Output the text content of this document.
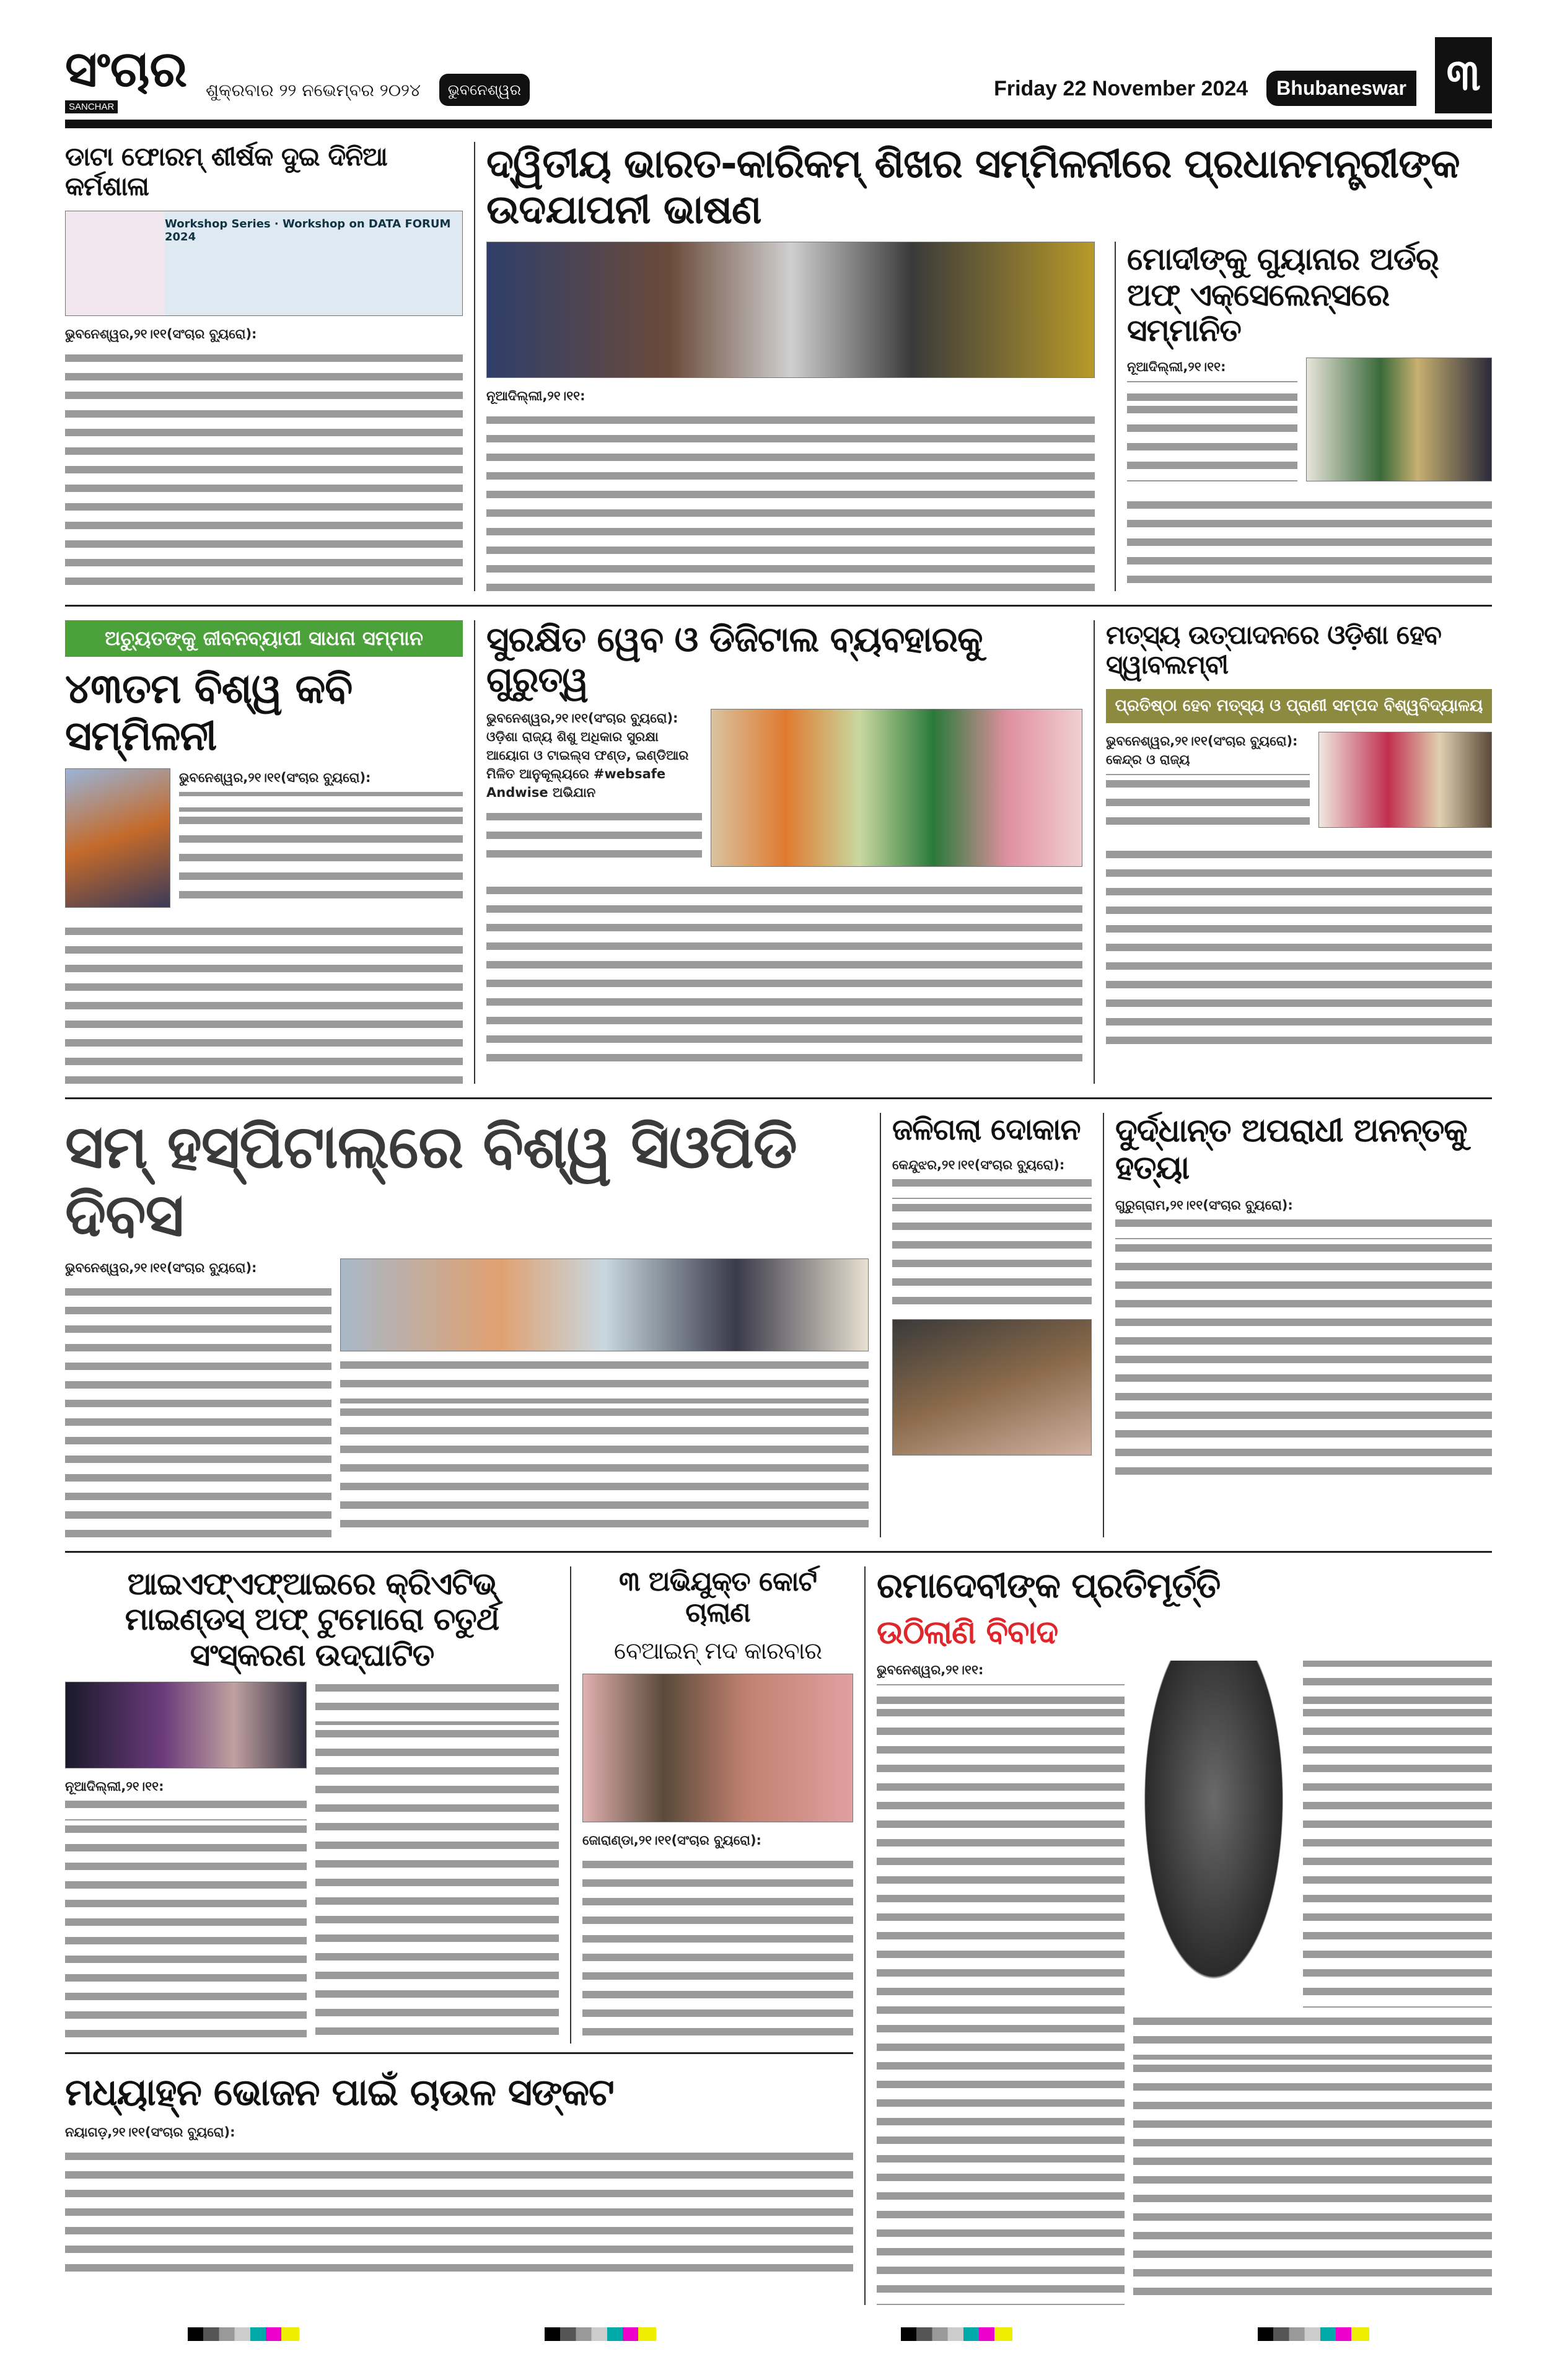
ସଂଚାର
SANCHAR
ଶୁକ୍ରବାର ୨୨ ନଭେମ୍ବର ୨୦୨୪	ଭୁବନେଶ୍ୱର	Friday 22 November 2024	Bhubaneswar ୩
ଡାଟା ଫୋରମ୍ ଶୀର୍ଷକ ଦୁଇ ଦିନିଆ କର୍ମଶାଳା
Workshop Series · Workshop on DATA FORUM 2024
ଭୁବନେଶ୍ୱର,୨୧।୧୧(ସଂଚାର ବ୍ୟୁରୋ):
ଦ୍ୱିତୀୟ ଭାରତ-କାରିକମ୍ ଶିଖର ସମ୍ମିଳନୀରେ ପ୍ରଧାନମନ୍ତ୍ରୀଙ୍କ ଉଦଯାପନୀ ଭାଷଣ
ନୂଆଦିଲ୍ଲୀ,୨୧।୧୧:
ମୋଦୀଙ୍କୁ ଗୁୟାନାର ଅର୍ଡର୍ ଅଫ୍ ଏକ୍ସେଲେନ୍ସରେ ସମ୍ମାନିତ
ନୂଆଦିଲ୍ଲୀ,୨୧।୧୧:
ଅଚ୍ୟୁତଙ୍କୁ ଜୀବନବ୍ୟାପୀ ସାଧନା ସମ୍ମାନ
୪୩ତମ ବିଶ୍ୱ କବି ସମ୍ମିଳନୀ
ଭୁବନେଶ୍ୱର,୨୧।୧୧(ସଂଚାର ବ୍ୟୁରୋ):
ସୁରକ୍ଷିତ ୱେବ ଓ ଡିଜିଟାଲ ବ୍ୟବହାରକୁ ଗୁରୁତ୍ୱ
ଭୁବନେଶ୍ୱର,୨୧।୧୧(ସଂଚାର ବ୍ୟୁରୋ): ଓଡ଼ିଶା ରାଜ୍ୟ ଶିଶୁ ଅଧିକାର ସୁରକ୍ଷା ଆୟୋଗ ଓ ଟାଇଲ୍ସ ଫଣ୍ଡ, ଇଣ୍ଡିଆର ମିଳିତ ଆନୁକୂଲ୍ୟରେ #websafe Andwise ଅଭିଯାନ
ମତ୍ସ୍ୟ ଉତ୍ପାଦନରେ ଓଡ଼ିଶା ହେବ ସ୍ୱାବଲମ୍ବୀ
ପ୍ରତିଷ୍ଠା ହେବ ମତ୍ସ୍ୟ ଓ ପ୍ରାଣୀ ସମ୍ପଦ ବିଶ୍ୱବିଦ୍ୟାଳୟ
ଭୁବନେଶ୍ୱର,୨୧।୧୧(ସଂଚାର ବ୍ୟୁରୋ): କେନ୍ଦ୍ର ଓ ରାଜ୍ୟ
ସମ୍ ହସ୍ପିଟାଲ୍‌ରେ ବିଶ୍ୱ ସିଓପିଡି ଦିବସ
ଭୁବନେଶ୍ୱର,୨୧।୧୧(ସଂଚାର ବ୍ୟୁରୋ):
ଜଳିଗଲା ଦୋକାନ
କେନ୍ଦୁଝର,୨୧।୧୧(ସଂଚାର ବ୍ୟୁରୋ):
ଦୁର୍ଦ୍ଧାନ୍ତ ଅପରାଧୀ ଅନନ୍ତକୁ ହତ୍ୟା
ଗୁରୁଗ୍ରାମ,୨୧।୧୧(ସଂଚାର ବ୍ୟୁରୋ):
ଆଇଏଫ୍‌ଏଫ୍‌ଆଇରେ କ୍ରିଏଟିଭ୍ ମାଇଣ୍ଡସ୍ ଅଫ୍ ଟୁମୋରୋ ଚତୁର୍ଥ ସଂସ୍କରଣ ଉଦ୍‌ଘାଟିତ
ନୂଆଦିଲ୍ଲୀ,୨୧।୧୧:
୩ ଅଭିଯୁକ୍ତ କୋର୍ଟ ଚାଲାଣ
ବେଆଇନ୍ ମଦ କାରବାର
ଜୋରାଣ୍ଡା,୨୧।୧୧(ସଂଚାର ବ୍ୟୁରୋ):
ମଧ୍ୟାହ୍ନ ଭୋଜନ ପାଇଁ ଚାଉଳ ସଙ୍କଟ
ନୟାଗଡ଼,୨୧।୧୧(ସଂଚାର ବ୍ୟୁରୋ):
ରମାଦେବୀଙ୍କ ପ୍ରତିମୂର୍ତ୍ତି
ଉଠିଲାଣି ବିବାଦ
ଭୁବନେଶ୍ୱର,୨୧।୧୧:
